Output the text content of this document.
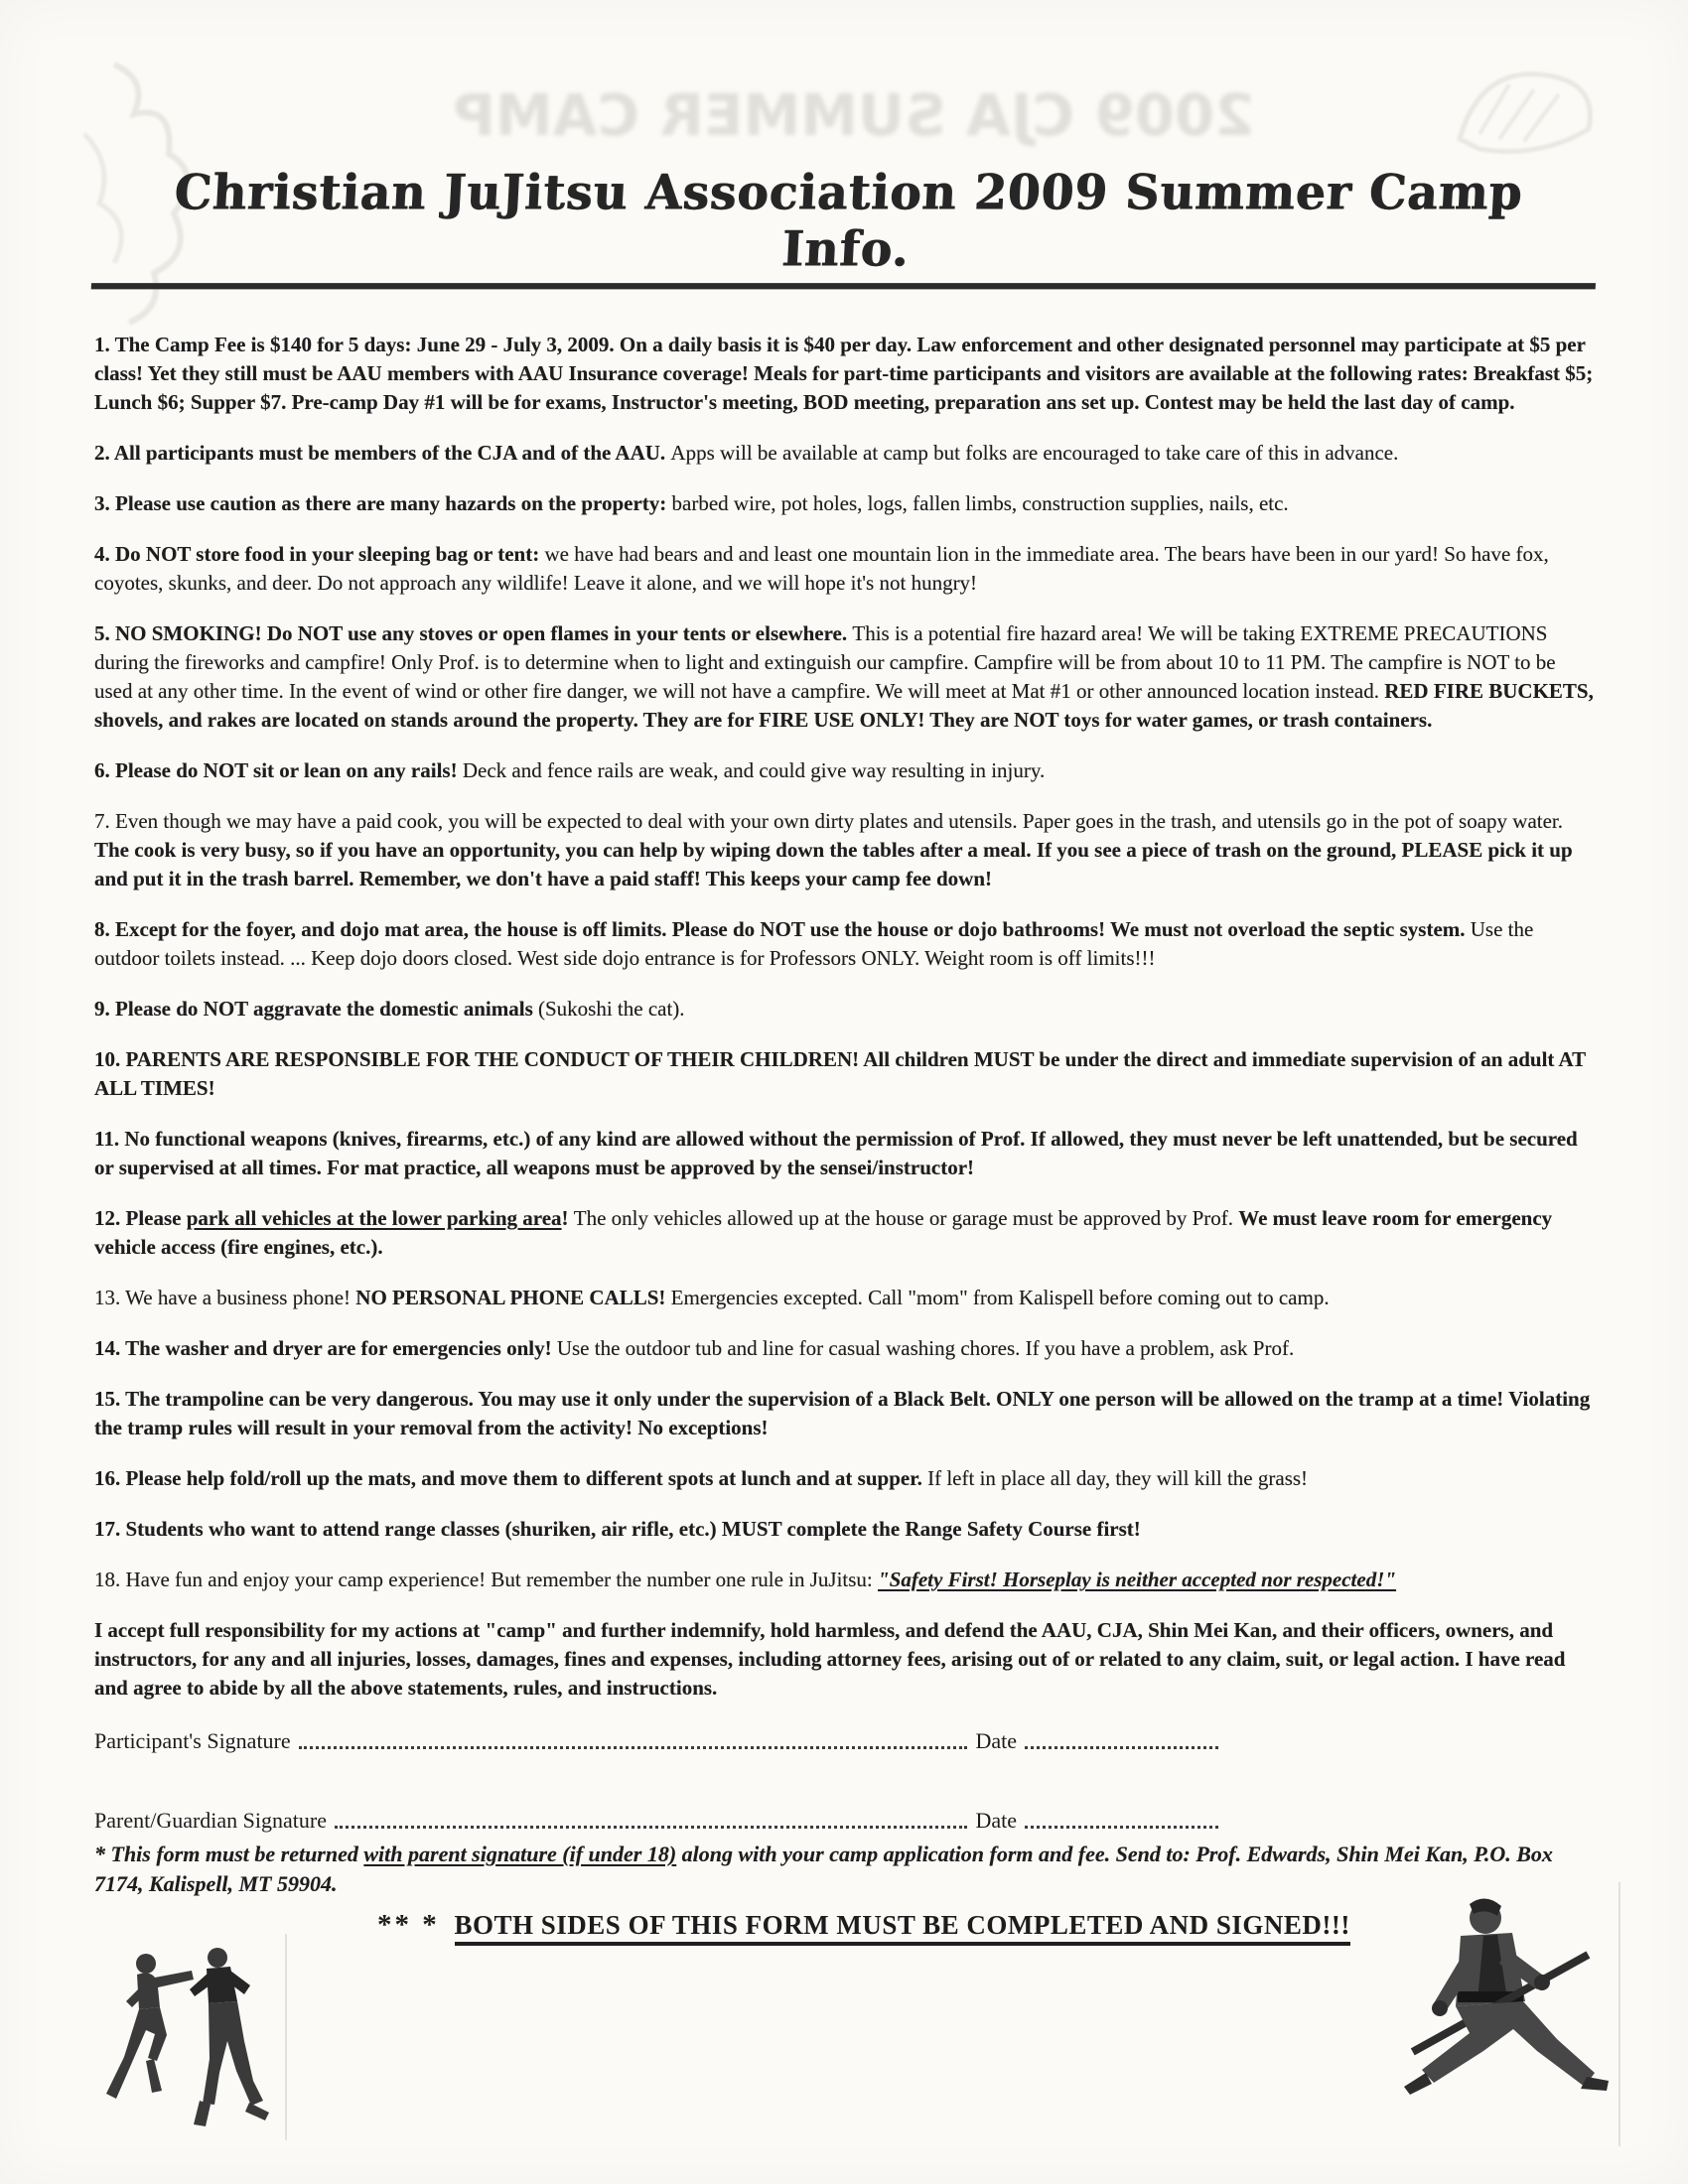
2009 CJA SUMMER CAMP
Christian JuJitsu Association 2009 Summer Camp Info.

1. The Camp Fee is $140 for 5 days: June 29 - July 3, 2009. On a daily basis it is $40 per day. Law enforcement and other designated personnel may participate at $5 per class! Yet they still must be AAU members with AAU Insurance coverage! Meals for part-time participants and visitors are available at the following rates: Breakfast $5; Lunch $6; Supper $7. Pre-camp Day #1 will be for exams, Instructor's meeting, BOD meeting, preparation ans set up. Contest may be held the last day of camp.

2. All participants must be members of the CJA and of the AAU. Apps will be available at camp but folks are encouraged to take care of this in advance.

3. Please use caution as there are many hazards on the property: barbed wire, pot holes, logs, fallen limbs, construction supplies, nails, etc.

4. Do NOT store food in your sleeping bag or tent: we have had bears and and least one mountain lion in the immediate area. The bears have been in our yard! So have fox, coyotes, skunks, and deer. Do not approach any wildlife! Leave it alone, and we will hope it's not hungry!

5. NO SMOKING! Do NOT use any stoves or open flames in your tents or elsewhere. This is a potential fire hazard area! We will be taking EXTREME PRECAUTIONS during the fireworks and campfire! Only Prof. is to determine when to light and extinguish our campfire. Campfire will be from about 10 to 11 PM. The campfire is NOT to be used at any other time. In the event of wind or other fire danger, we will not have a campfire. We will meet at Mat #1 or other announced location instead. RED FIRE BUCKETS, shovels, and rakes are located on stands around the property. They are for FIRE USE ONLY! They are NOT toys for water games, or trash containers.

6. Please do NOT sit or lean on any rails! Deck and fence rails are weak, and could give way resulting in injury.

7. Even though we may have a paid cook, you will be expected to deal with your own dirty plates and utensils. Paper goes in the trash, and utensils go in the pot of soapy water. The cook is very busy, so if you have an opportunity, you can help by wiping down the tables after a meal. If you see a piece of trash on the ground, PLEASE pick it up and put it in the trash barrel. Remember, we don't have a paid staff! This keeps your camp fee down!

8. Except for the foyer, and dojo mat area, the house is off limits. Please do NOT use the house or dojo bathrooms! We must not overload the septic system. Use the outdoor toilets instead. ... Keep dojo doors closed. West side dojo entrance is for Professors ONLY. Weight room is off limits!!!

9. Please do NOT aggravate the domestic animals (Sukoshi the cat).

10. PARENTS ARE RESPONSIBLE FOR THE CONDUCT OF THEIR CHILDREN! All children MUST be under the direct and immediate supervision of an adult AT ALL TIMES!

11. No functional weapons (knives, firearms, etc.) of any kind are allowed without the permission of Prof. If allowed, they must never be left unattended, but be secured or supervised at all times. For mat practice, all weapons must be approved by the sensei/instructor!

12. Please park all vehicles at the lower parking area! The only vehicles allowed up at the house or garage must be approved by Prof. We must leave room for emergency vehicle access (fire engines, etc.).

13. We have a business phone! NO PERSONAL PHONE CALLS! Emergencies excepted. Call "mom" from Kalispell before coming out to camp.

14. The washer and dryer are for emergencies only! Use the outdoor tub and line for casual washing chores. If you have a problem, ask Prof.

15. The trampoline can be very dangerous. You may use it only under the supervision of a Black Belt. ONLY one person will be allowed on the tramp at a time! Violating the tramp rules will result in your removal from the activity! No exceptions!

16. Please help fold/roll up the mats, and move them to different spots at lunch and at supper. If left in place all day, they will kill the grass!

17. Students who want to attend range classes (shuriken, air rifle, etc.) MUST complete the Range Safety Course first!

18. Have fun and enjoy your camp experience! But remember the number one rule in JuJitsu: "Safety First! Horseplay is neither accepted nor respected!"

I accept full responsibility for my actions at "camp" and further indemnify, hold harmless, and defend the AAU, CJA, Shin Mei Kan, and their officers, owners, and instructors, for any and all injuries, losses, damages, fines and expenses, including attorney fees, arising out of or related to any claim, suit, or legal action. I have read and agree to abide by all the above statements, rules, and instructions.

Participant's Signature	Date
Parent/Guardian Signature	Date

* This form must be returned with parent signature (if under 18) along with your camp application form and fee. Send to: Prof. Edwards, Shin Mei Kan, P.O. Box 7174, Kalispell, MT 59904.

** * BOTH SIDES OF THIS FORM MUST BE COMPLETED AND SIGNED!!!
